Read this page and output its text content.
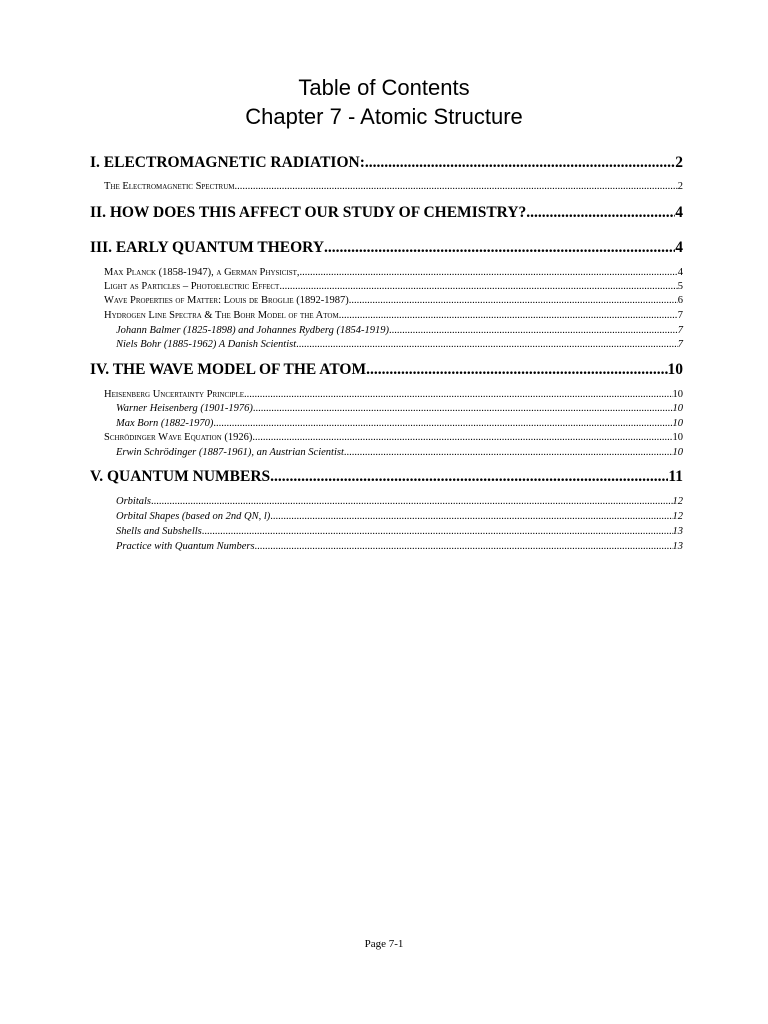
Table of Contents
Chapter 7 - Atomic Structure
I. ELECTROMAGNETIC RADIATION: .....	2
The Electromagnetic Spectrum .....	2
II. HOW DOES THIS AFFECT OUR STUDY OF CHEMISTRY? .....	4
III. EARLY QUANTUM THEORY .....	4
Max Planck (1858-1947), a German Physicist, .....	4
Light as Particles – Photoelectric Effect .....	5
Wave Properties of Matter: Louis de Broglie (1892-1987) .....	6
Hydrogen Line Spectra & The Bohr Model of the Atom .....	7
Johann Balmer (1825-1898) and Johannes Rydberg (1854-1919) .....	7
Niels Bohr (1885-1962) A Danish Scientist .....	7
IV. THE WAVE MODEL OF THE ATOM .....	10
Heisenberg Uncertainty Principle .....	10
Warner Heisenberg (1901-1976) .....	10
Max Born (1882-1970) .....	10
Schrödinger Wave Equation (1926) .....	10
Erwin Schrödinger (1887-1961), an Austrian Scientist .....	10
V. QUANTUM NUMBERS .....	11
Orbitals .....	12
Orbital Shapes (based on 2nd QN, l) .....	12
Shells and Subshells .....	13
Practice with Quantum Numbers .....	13
Page 7-1
